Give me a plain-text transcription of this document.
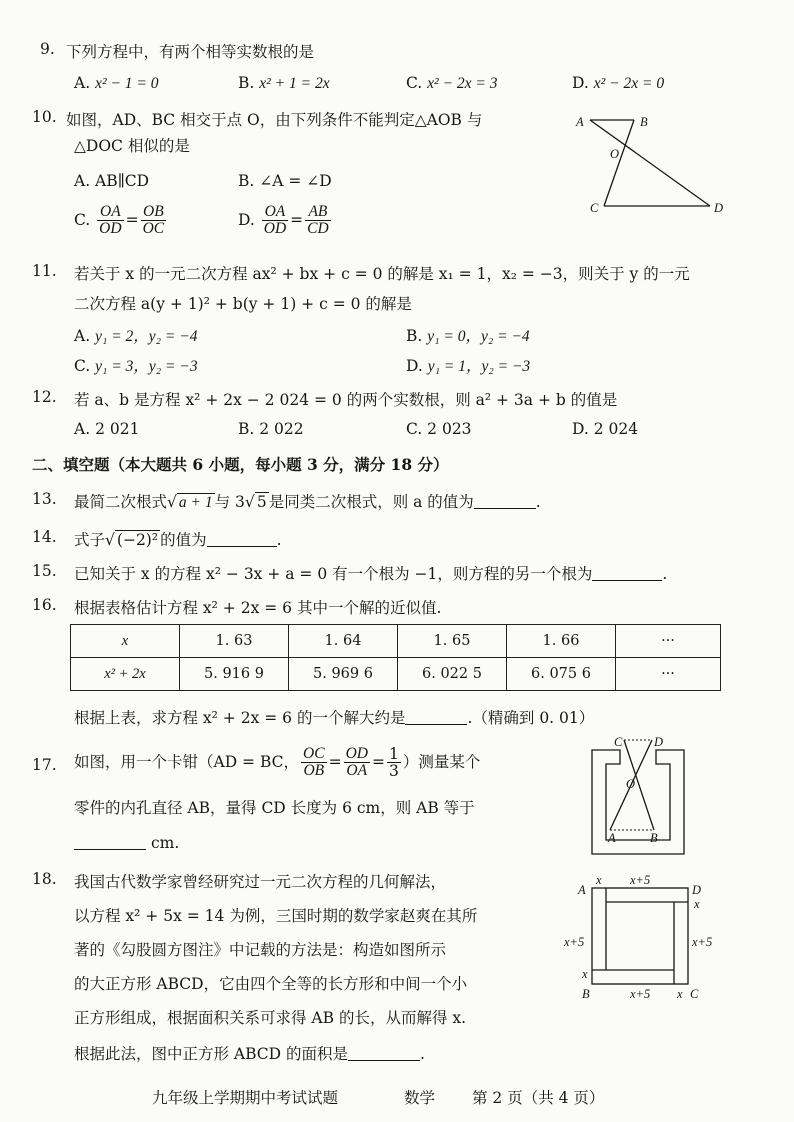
9. 下列方程中，有两个相等实数根的是
A. x² − 1 = 0	B. x² + 1 = 2x	C. x² − 2x = 3	D. x² − 2x = 0
10. 如图，AD、BC 相交于点 O，由下列条件不能判定△AOB 与
△DOC 相似的是
A. AB∥CD	B. ∠A = ∠D
C. $\frac{OA}{OD} = \frac{OB}{OC}$	D. $\frac{OA}{OD} = \frac{AB}{CD}$
A	B
O
C	D
11. 若关于 x 的一元二次方程 ax² + bx + c = 0 的解是 x₁ = 1，x₂ = −3，则关于 y 的一元
二次方程 a(y + 1)² + b(y + 1) + c = 0 的解是
A. y₁ = 2，y₂ = −4	B. y₁ = 0，y₂ = −4
C. y₁ = 3，y₂ = −3	D. y₁ = 1，y₂ = −3
12. 若 a、b 是方程 x² + 2x − 2 024 = 0 的两个实数根，则 a² + 3a + b 的值是
A. 2 021	B. 2 022	C. 2 023	D. 2 024
二、填空题（本大题共 6 小题，每小题 3 分，满分 18 分）
13. 最简二次根式√ a + 1 与 3√ 5 是同类二次根式，则 a 的值为	.
14. 式子√ (−2)² 的值为	.
15. 已知关于 x 的方程 x² − 3x + a = 0 有一个根为 −1，则方程的另一个根为	.
16. 根据表格估计方程 x² + 2x = 6 其中一个解的近似值.
x	1. 63	1. 64	1. 65	1. 66	···
x² + 2x	5. 916 9	5. 969 6	6. 022 5	6. 075 6	···
根据上表，求方程 x² + 2x = 6 的一个解大约是	.（精确到 0. 01）
17. 如图，用一个卡钳（AD = BC， $\frac{OC}{OB} = \frac{OD}{OA} = \frac{1}{3}$ ）测量某个
零件的内孔直径 AB，量得 CD 长度为 6 cm，则 AB 等于
cm.
C	D
O
A	B
18. 我国古代数学家曾经研究过一元二次方程的几何解法，
以方程 x² + 5x = 14 为例，三国时期的数学家赵爽在其所
著的《勾股圆方图注》中记载的方法是：构造如图所示
的大正方形 ABCD，它由四个全等的长方形和中间一个小
正方形组成，根据面积关系可求得 AB 的长，从而解得 x.
根据此法，图中正方形 ABCD 的面积是	.
A
x x+5
D
x
x+5
x+5
x
B	x+5 x C
九年级上学期期中考试试题	数学 第 2 页（共 4 页）
